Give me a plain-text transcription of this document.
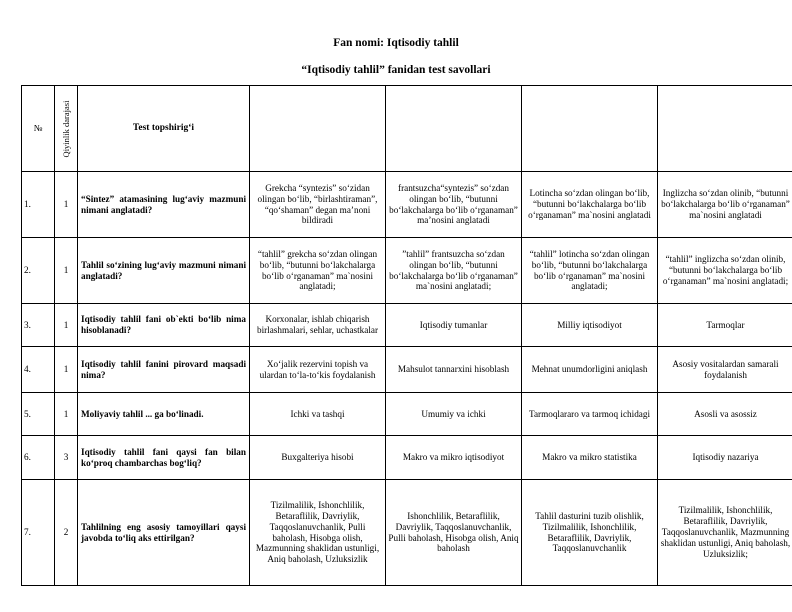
Fan nomi: Iqtisodiy tahlil
“Iqtisodiy tahlil” fanidan test savollari
№	Qiyinlik darajasi	Test topshirig‘i				
1.	1	“Sintez” atamasining lug‘aviy mazmuni nimani anglatadi?	Grekcha “syntezis” so‘zidan olingan bo‘lib, “birlashtiraman”, “qo‘shaman” degan ma’noni bildiradi	frantsuzcha“syntezis” so‘zdan olingan bo‘lib, “butunni bo‘lakchalarga bo‘lib o‘rganaman” maʼnosini anglatadi	Lotincha so‘zdan olingan bo‘lib, “butunni bo‘lakchalarga bo‘lib o‘rganaman” ma`nosini anglatadi	Inglizcha so‘zdan olinib, “butunni bo‘lakchalarga bo‘lib o‘rganaman” ma`nosini anglatadi
2.	1	Tahlil so‘zining lug‘aviy mazmuni nimani anglatadi?	“tahlil” grekcha so‘zdan olingan bo‘lib, “butunni bo‘lakchalarga bo‘lib o‘rganaman” ma`nosini anglatadi;	”tahlil” frantsuzcha so‘zdan olingan bo‘lib, “butunni bo‘lakchalarga bo‘lib o‘rganaman” ma`nosini anglatadi;	“tahlil” lotincha so‘zdan olingan bo‘lib, “butunni bo‘lakchalarga bo‘lib o‘rganaman” ma`nosini anglatadi;	“tahlil” inglizcha so‘zdan olinib, “butunni bo‘lakchalarga bo‘lib o‘rganaman” ma`nosini anglatadi;
3.	1	Iqtisodiy tahlil fani ob`ekti bo‘lib nima hisoblanadi?	Korxonalar, ishlab chiqarish birlashmalari, sehlar, uchastkalar	Iqtisodiy tumanlar	Milliy iqtisodiyot	Tarmoqlar
4.	1	Iqtisodiy tahlil fanini pirovard maqsadi nima?	Xo‘jalik rezervini topish va ulardan to‘la-to‘kis foydalanish	Mahsulot tannarxini hisoblash	Mehnat unumdorligini aniqlash	Asosiy vositalardan samarali foydalanish
5.	1	Moliyaviy tahlil ... ga bo‘linadi.	Ichki va tashqi	Umumiy va ichki	Tarmoqlararo va tarmoq ichidagi	Asosli va asossiz
6.	3	Iqtisodiy tahlil fani qaysi fan bilan ko‘proq chambarchas bog‘liq?	Buxgalteriya hisobi	Makro va mikro iqtisodiyot	Makro va mikro statistika	Iqtisodiy nazariya
7.	2	Tahlilning eng asosiy tamoyillari qaysi javobda to‘liq aks ettirilgan?	Tizilmalilik, Ishonchlilik, Betaraflilik, Davriylik, Taqqoslanuvchanlik, Pulli baholash, Hisobga olish, Mazmunning shaklidan ustunligi, Aniq baholash, Uzluksizlik	Ishonchlilik, Betaraflilik, Davriylik, Taqqoslanuvchanlik, Pulli baholash, Hisobga olish, Aniq baholash	Tahlil dasturini tuzib olishlik, Tizilmalilik, Ishonchlilik, Betaraflilik, Davriylik, Taqqoslanuvchanlik	Tizilmalilik, Ishonchlilik, Betaraflilik, Davriylik, Taqqoslanuvchanlik, Mazmunning shaklidan ustunligi, Aniq baholash, Uzluksizlik;
